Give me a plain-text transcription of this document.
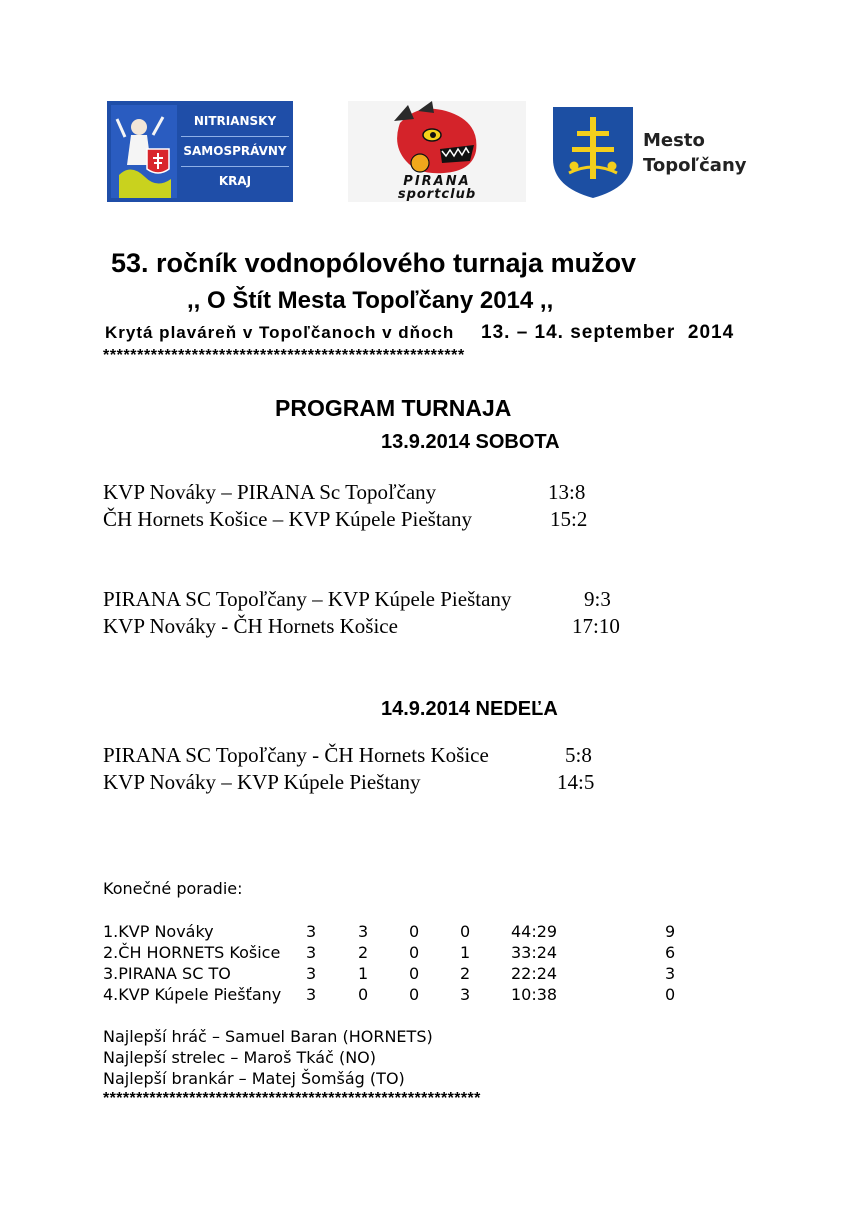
NITRIANSKY
SAMOSPRÁVNY
KRAJ	PIRANA
sportclub
Mesto
Topoľčany
53. ročník vodnopólového turnaja mužov
,, O Štít Mesta Topoľčany 2014 ,,
Krytá plaváreň v Topoľčanoch v dňoch 13. – 14. september  2014
*****************************************************
PROGRAM TURNAJA
13.9.2014 SOBOTA
KVP Nováky – PIRANA Sc Topoľčany	13:8
ČH Hornets Košice – KVP Kúpele Pieštany	15:2
PIRANA SC Topoľčany – KVP Kúpele Pieštany	9:3
KVP Nováky - ČH Hornets Košice	17:10
14.9.2014 NEDEĽA
PIRANA SC Topoľčany - ČH Hornets Košice	5:8
KVP Nováky – KVP Kúpele Pieštany	14:5
Konečné poradie:
1.KVP Nováky	3	3	0	0	44:29	9
2.ČH HORNETS Košice 3	2	0	1	33:24	6
3.PIRANA SC TO	3	1	0	2	22:24	3
4.KVP Kúpele Piešťany 3	0	0	3	10:38	0
Najlepší hráč – Samuel Baran (HORNETS)
Najlepší strelec – Maroš Tkáč (NO)
Najlepší brankár – Matej Šomšág (TO)
*********************************************************
